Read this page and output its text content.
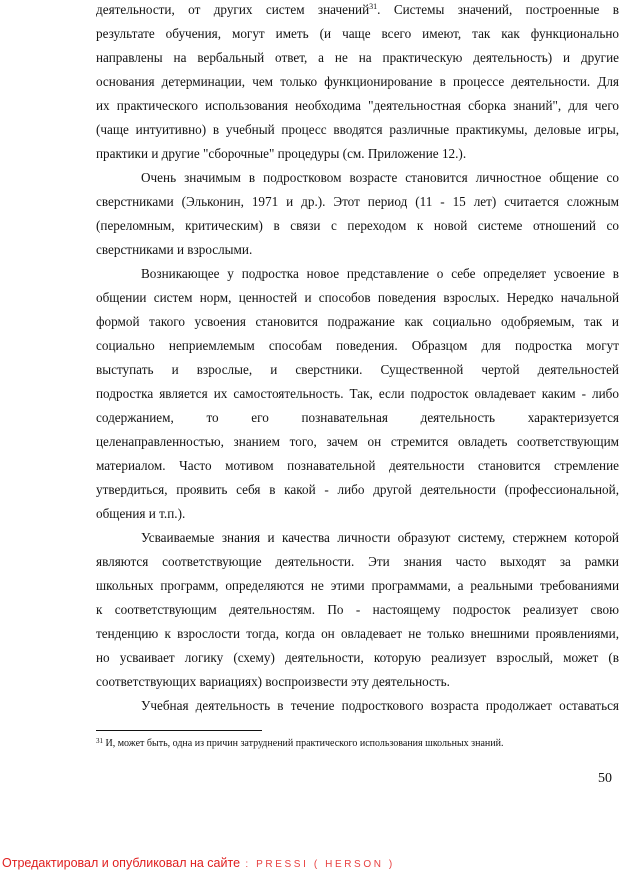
деятельности, от других систем значений$^{31}$. Системы значений, построенные в
результате обучения, могут иметь (и чаще всего имеют, так как функционально
направлены на вербальный ответ, а не на практическую деятельность) и другие
основания детерминации, чем только функционирование в процессе деятельности. Для
их практического использования необходима "деятельностная сборка знаний", для чего
(чаще интуитивно) в учебный процесс вводятся различные практикумы, деловые игры,
практики и другие "сборочные" процедуры (см. Приложение 12.).
Очень значимым в подростковом возрасте становится личностное общение со
сверстниками (Эльконин, 1971 и др.). Этот период (11 - 15 лет) считается сложным
(переломным, критическим) в связи с переходом к новой системе отношений со
сверстниками и взрослыми.
Возникающее у подростка новое представление о себе определяет усвоение в
общении систем норм, ценностей и способов поведения взрослых. Нередко начальной
формой такого усвоения становится подражание как социально одобряемым, так и
социально неприемлемым способам поведения. Образцом для подростка могут
выступать и взрослые, и сверстники. Существенной чертой деятельностей
подростка является их самостоятельность. Так, если подросток овладевает каким - либо
содержанием, то его познавательная деятельность характеризуется
целенаправленностью, знанием того, зачем он стремится овладеть соответствующим
материалом. Часто мотивом познавательной деятельности становится стремление
утвердиться, проявить себя в какой - либо другой деятельности (профессиональной,
общения и т.п.).
Усваиваемые знания и качества личности образуют систему, стержнем которой
являются соответствующие деятельности. Эти знания часто выходят за рамки
школьных программ, определяются не этими программами, а реальными требованиями
к соответствующим деятельностям. По - настоящему подросток реализует свою
тенденцию к взрослости тогда, когда он овладевает не только внешними проявлениями,
но усваивает логику (схему) деятельности, которую реализует взрослый, может (в
соответствующих вариациях) воспроизвести эту деятельность.
Учебная деятельность в течение подросткового возраста продолжает оставаться
$^{31}$ И, может быть, одна из причин затруднений практического использования школьных знаний.
50
Отредактировал и опубликовал на сайте : PRESSI ( HERSON )
